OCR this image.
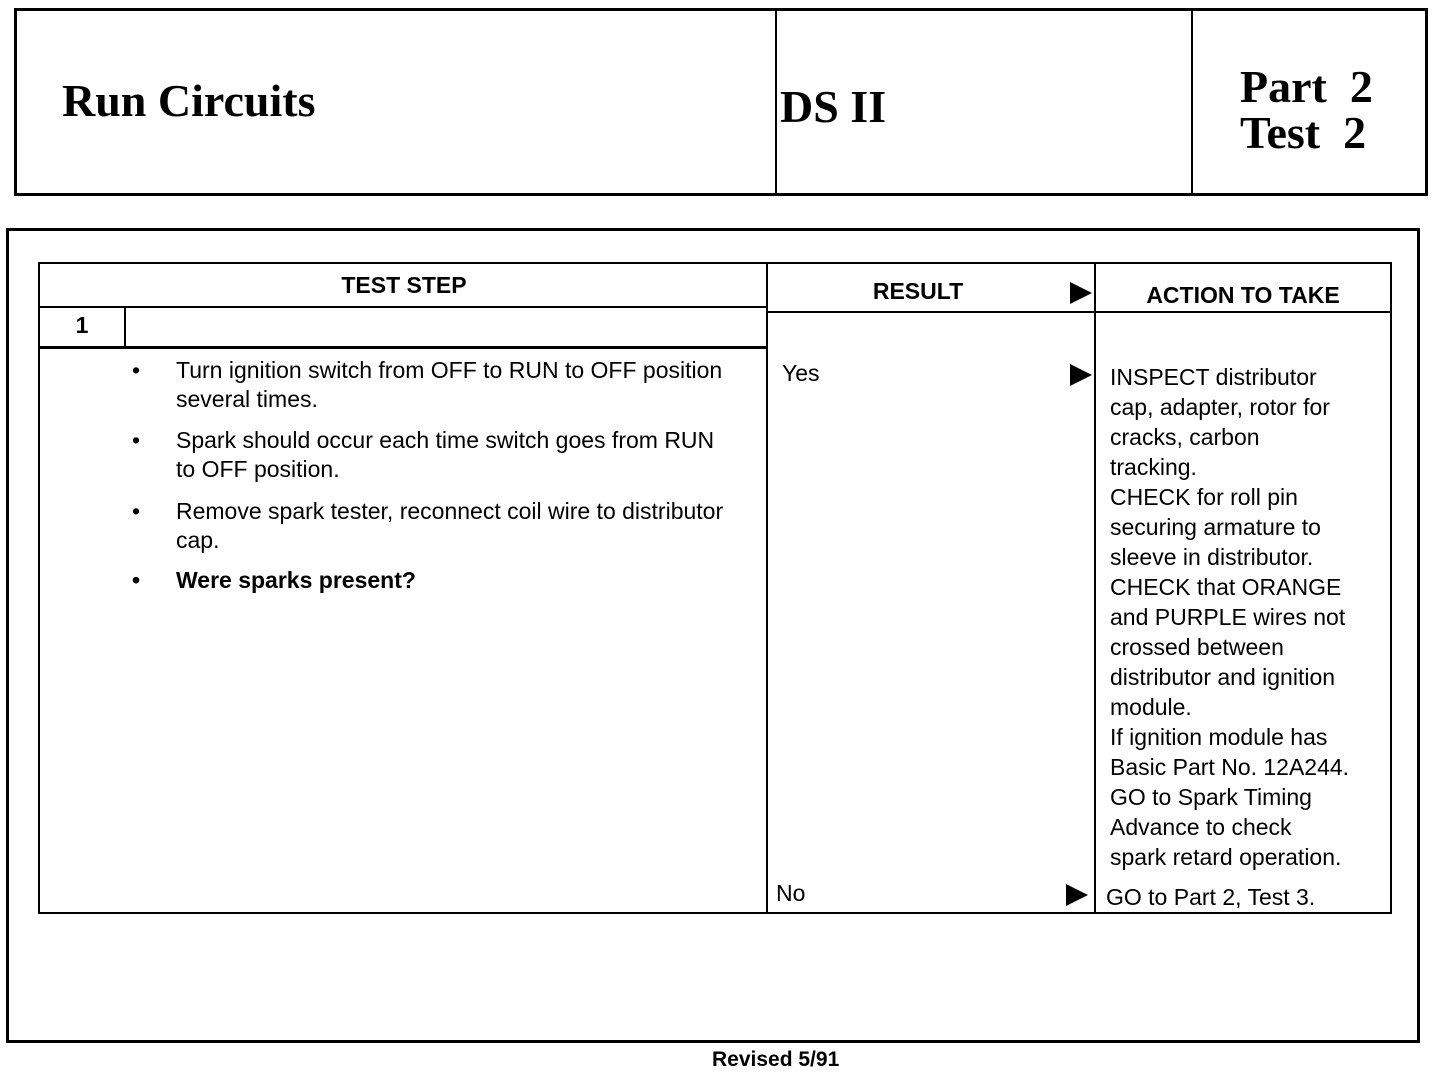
Run Circuits	DS II	Part  2
Test  2
TEST STEP	RESULT	ACTION TO TAKE
1
•	Turn ignition switch from OFF to RUN to OFF position several times.
•	Spark should occur each time switch goes from RUN to OFF position.
•	Remove spark tester, reconnect coil wire to distributor cap.
•	Were sparks present?
Yes	INSPECT distributor
cap, adapter, rotor for
cracks, carbon
tracking.
CHECK for roll pin
securing armature to
sleeve in distributor.
CHECK that ORANGE
and PURPLE wires not
crossed between
distributor and ignition
module.
If ignition module has
Basic Part No. 12A244.
GO to Spark Timing
Advance to check
spark retard operation.
No	GO to Part 2, Test 3.
Revised 5/91
